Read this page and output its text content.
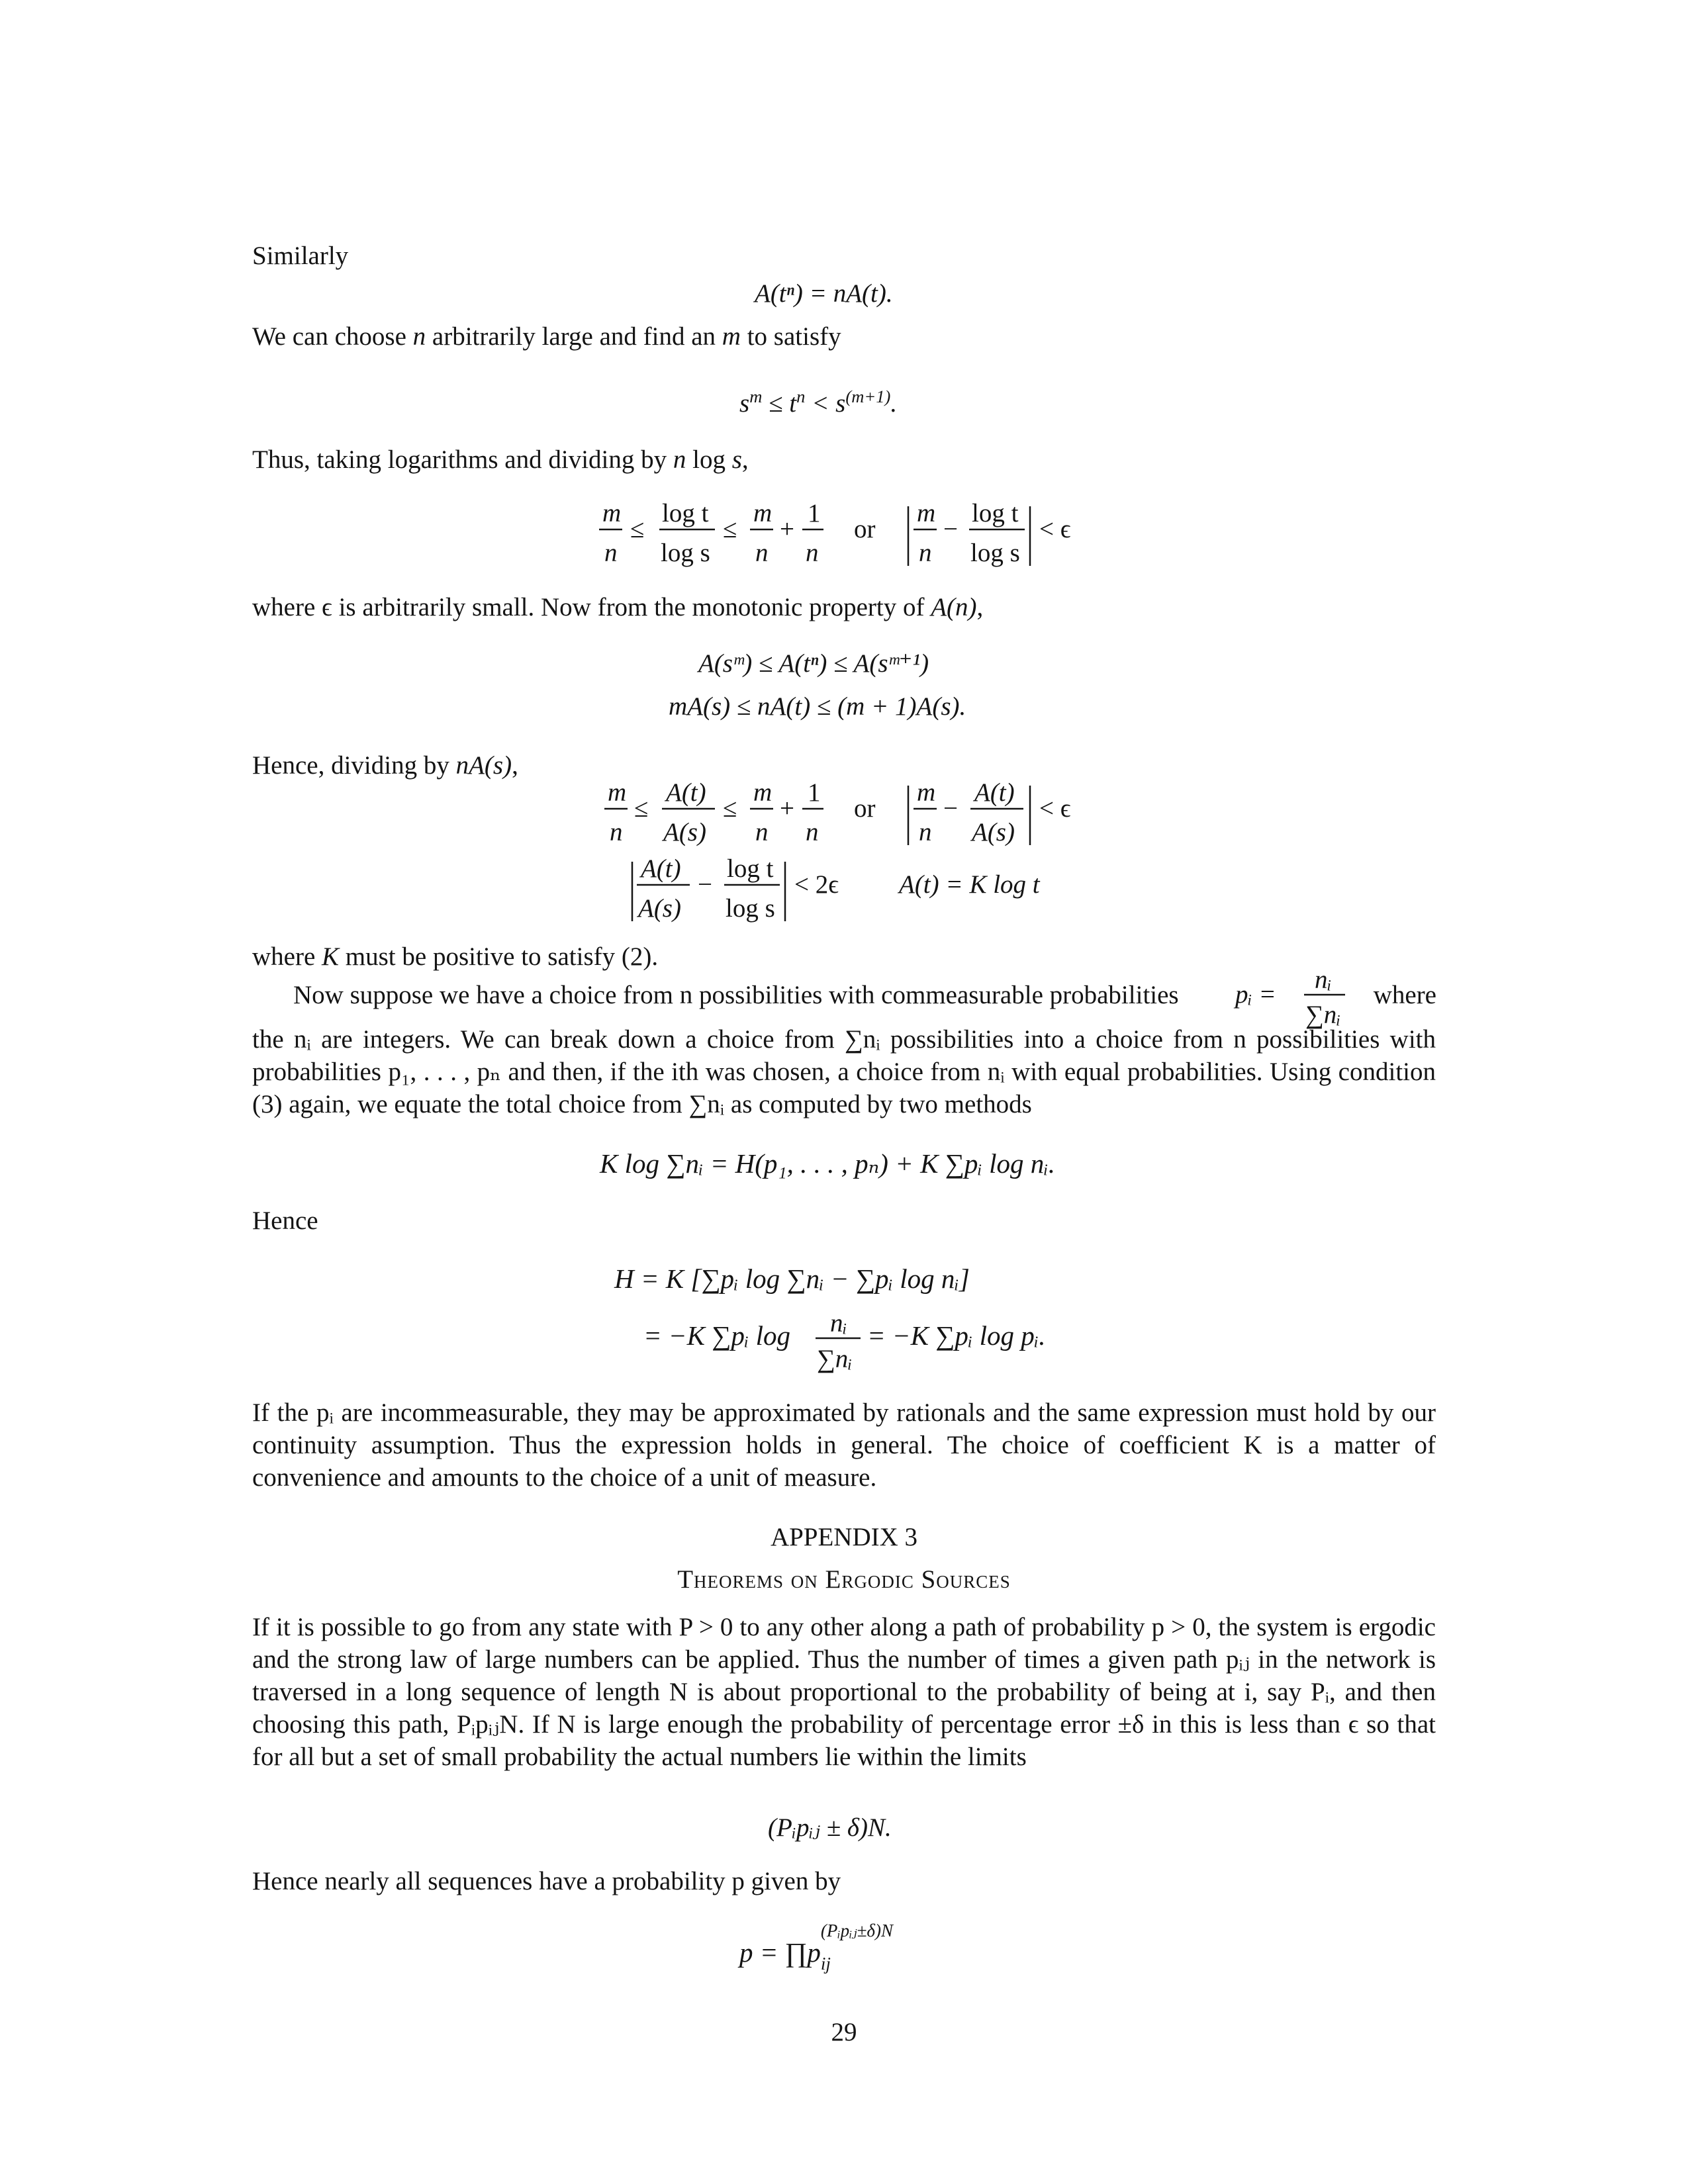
Similarly

A(tⁿ) = nA(t).

We can choose n arbitrarily large and find an m to satisfy

$s^m \le t^n < s^{(m+1)}$.

Thus, taking logarithms and dividing by n log s,

m
n
≤
log t
log s
≤
m
n
+
1
n
or
m
n
−
log t
log s
< ϵ

where ϵ is arbitrarily small. Now from the monotonic property of A(n),

A(sᵐ) ≤ A(tⁿ) ≤ A(sᵐ⁺¹)
mA(s) ≤ nA(t) ≤ (m + 1)A(s).

Hence, dividing by nA(s),

m
n
≤
A(t)
A(s)
≤
m
n
+
1
n
or
m
n
−
A(t)
A(s)
< ϵ
A(t)
A(s)
−
log t
log s
< 2ϵ A(t) = K log t

where K must be positive to satisfy (2).

Now suppose we have a choice from n possibilities with commeasurable probabilities	pᵢ =
nᵢ
∑nᵢ

where

the nᵢ are integers. We can break down a choice from ∑nᵢ possibilities into a choice from n possibilities with probabilities p₁, . . . , pₙ and then, if the ith was chosen, a choice from nᵢ with equal probabilities. Using condition (3) again, we equate the total choice from ∑nᵢ as computed by two methods

K log ∑nᵢ = H(p₁, . . . , pₙ) + K ∑pᵢ log nᵢ.

Hence

H = K [∑pᵢ log ∑nᵢ − ∑pᵢ log nᵢ]
= −K ∑pᵢ log nᵢ
∑nᵢ
= −K ∑pᵢ log pᵢ.

If the pᵢ are incommeasurable, they may be approximated by rationals and the same expression must hold by our continuity assumption. Thus the expression holds in general. The choice of coefficient K is a matter of convenience and amounts to the choice of a unit of measure.

APPENDIX 3
Theorems on Ergodic Sources

If it is possible to go from any state with P > 0 to any other along a path of probability p > 0, the system is ergodic and the strong law of large numbers can be applied. Thus the number of times a given path pᵢⱼ in the network is traversed in a long sequence of length N is about proportional to the probability of being at i, say Pᵢ, and then choosing this path, PᵢpᵢⱼN. If N is large enough the probability of percentage error ±δ in this is less than ϵ so that for all but a set of small probability the actual numbers lie within the limits

(Pᵢpᵢⱼ ± δ)N.

Hence nearly all sequences have a probability p given by

p = ∏p
(Pᵢpᵢⱼ±δ)N
$_{ij}$
29
